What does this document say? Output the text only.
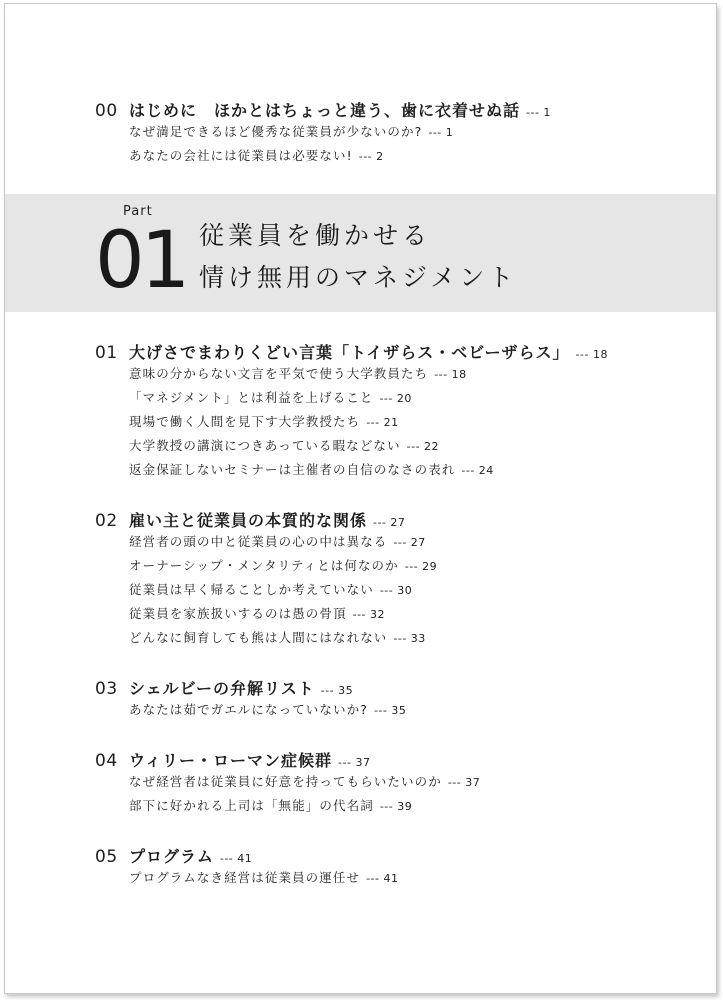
00 はじめに　ほかとはちょっと違う、歯に衣着せぬ話 --- 1
なぜ満足できるほど優秀な従業員が少ないのか? --- 1
あなたの会社には従業員は必要ない! --- 2
Part
01 従業員を働かせる
情け無用のマネジメント
01 大げさでまわりくどい言葉「トイザらス・ベビーザらス」 --- 18
意味の分からない文言を平気で使う大学教員たち --- 18
「マネジメント」とは利益を上げること --- 20
現場で働く人間を見下す大学教授たち --- 21
大学教授の講演につきあっている暇などない --- 22
返金保証しないセミナーは主催者の自信のなさの表れ --- 24
02 雇い主と従業員の本質的な関係 --- 27
経営者の頭の中と従業員の心の中は異なる --- 27
オーナーシップ・メンタリティとは何なのか --- 29
従業員は早く帰ることしか考えていない --- 30
従業員を家族扱いするのは愚の骨頂 --- 32
どんなに飼育しても熊は人間にはなれない --- 33
03 シェルビーの弁解リスト --- 35
あなたは茹でガエルになっていないか? --- 35
04 ウィリー・ローマン症候群 --- 37
なぜ経営者は従業員に好意を持ってもらいたいのか --- 37
部下に好かれる上司は「無能」の代名詞 --- 39
05 プログラム --- 41
プログラムなき経営は従業員の運任せ --- 41
